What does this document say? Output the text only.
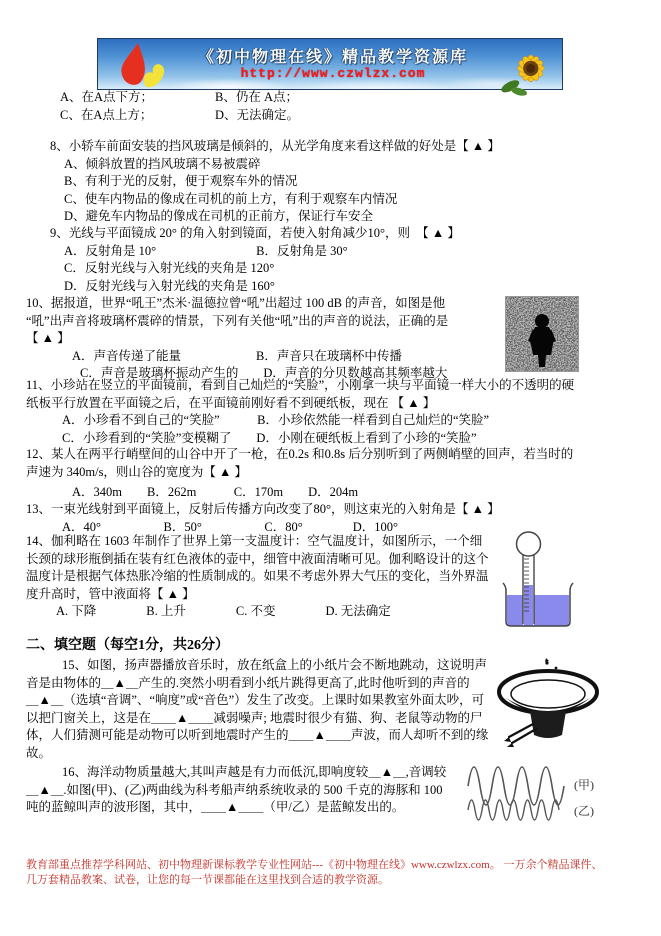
《初中物理在线》精品教学资源库
http://www.czwlzx.com
A、在A点下方；	B、仍在 A点；
C、在A点上方；	D、无法确定。
8、小轿车前面安装的挡风玻璃是倾斜的，从光学角度来看这样做的好处是【 ▲ 】
A、倾斜放置的挡风玻璃不易被震碎
B、有利于光的反射，便于观察车外的情况
C、使车内物品的像成在司机的前上方，有利于观察车内情况
D、避免车内物品的像成在司机的正前方，保证行车安全
9、光线与平面镜成 20° 的角入射到镜面，若使入射角减少10°，则  【 ▲ 】
A．反射角是 10°　　　　　　　　B．反射角是 30°
C．反射光线与入射光线的夹角是 120°
D．反射光线与入射光线的夹角是 160°
10、据报道，世界“吼王”杰米·温德拉曾“吼”出超过 100 dB 的声音，如图是他
“吼”出声音将玻璃杯震碎的情景，下列有关他“吼”出的声音的说法，正确的是
【 ▲ 】
A．声音传递了能量　　　　　　B．声音只在玻璃杯中传播
C．声音是玻璃杯振动产生的　　D．声音的分贝数越高其频率越大
11、小珍站在竖立的平面镜前，看到自己灿烂的“笑脸”，小刚拿一块与平面镜一样大小的不透明的硬
纸板平行放置在平面镜之后，在平面镜前刚好看不到硬纸板，现在 【 ▲ 】
A．小珍看不到自己的“笑脸”　　　B．小珍依然能一样看到自己灿烂的“笑脸”
C．小珍看到的“笑脸”变模糊了　　D．小刚在硬纸板上看到了小珍的“笑脸”
12、某人在两平行峭壁间的山谷中开了一枪，在0.2s 和0.8s 后分别听到了两侧峭壁的回声，若当时的
声速为 340m/s，则山谷的宽度为【 ▲ 】
A．340m　　B．262m　　　C．170m　　D．204m
13、一束光线射到平面镜上，反射后传播方向改变了80°，则这束光的入射角是【 ▲ 】
A．40°　　　　　B．50°　　　　　C．80°　　　　D．100°
14、伽利略在 1603 年制作了世界上第一支温度计：空气温度计，如图所示，一个细
长颈的球形瓶倒插在装有红色液体的壶中，细管中液面清晰可见。伽利略设计的这个
温度计是根据气体热胀冷缩的性质制成的。如果不考虑外界大气压的变化，当外界温
度升高时，管中液面将【 ▲ 】
A. 下降　　　　B. 上升　　　　C. 不变　　　　D. 无法确定
二、填空题（每空1分，共26分）
15、如图，扬声器播放音乐时，放在纸盒上的小纸片会不断地跳动，这说明声
音是由物体的＿▲＿产生的.突然小明看到小纸片跳得更高了,此时他听到的声音的
＿▲＿（选填“音调”、“响度”或“音色”）发生了改变。上课时如果教室外面太吵，可
以把门窗关上，这是在＿＿▲＿＿减弱噪声; 地震时很少有猫、狗、老鼠等动物的尸
体，人们猜测可能是动物可以听到地震时产生的＿＿▲＿＿声波，而人却听不到的缘
故。
16、海洋动物质量越大,其叫声越是有力而低沉,即响度较＿▲＿,音调较
＿▲＿.如图(甲)、(乙)两曲线为科考船声纳系统收录的 500 千克的海豚和 100
吨的蓝鲸叫声的波形图，其中，＿＿▲＿＿（甲/乙）是蓝鲸发出的。
(甲)
(乙)
教育部重点推荐学科网站、初中物理新课标教学专业性网站---《初中物理在线》www.czwlzx.com。 一万余个精品课件、
几万套精品教案、试卷，让您的每一节课都能在这里找到合适的教学资源。
